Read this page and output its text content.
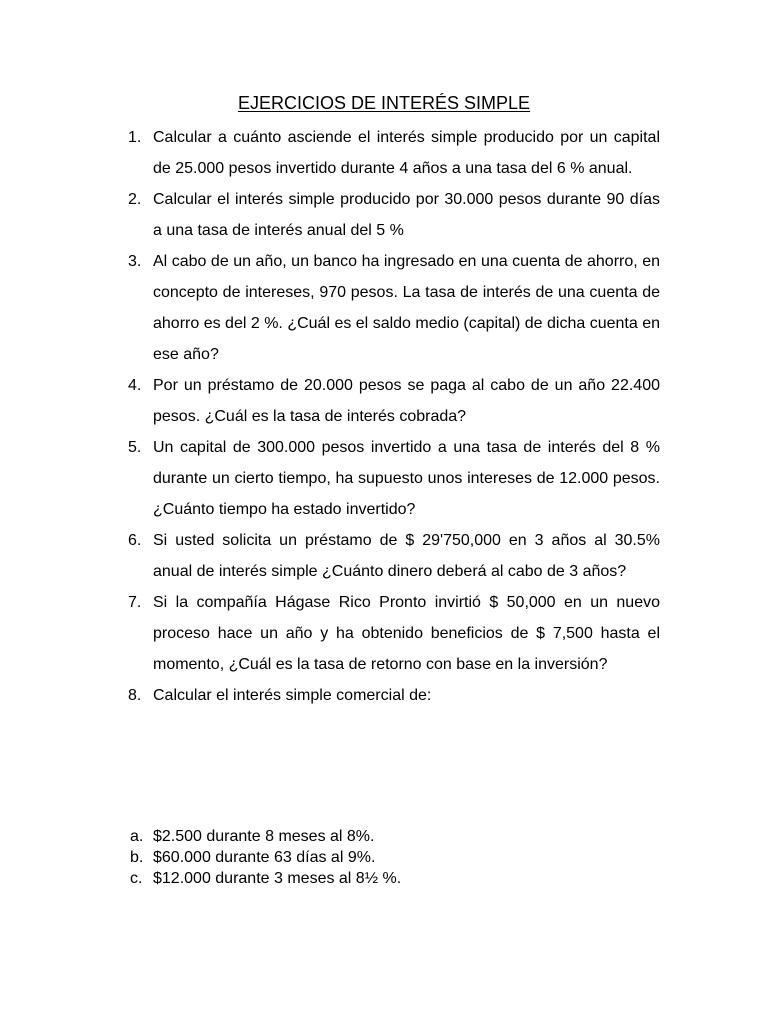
EJERCICIOS DE INTERÉS SIMPLE
1. Calcular a cuánto asciende el interés simple producido por un capital de 25.000 pesos invertido durante 4 años a una tasa del 6 % anual.
2. Calcular el interés simple producido por 30.000 pesos durante 90 días a una tasa de interés anual del 5 %
3. Al cabo de un año, un banco ha ingresado en una cuenta de ahorro, en concepto de intereses, 970 pesos. La tasa de interés de una cuenta de ahorro es del 2 %. ¿Cuál es el saldo medio (capital) de dicha cuenta en ese año?
4. Por un préstamo de 20.000 pesos se paga al cabo de un año 22.400 pesos. ¿Cuál es la tasa de interés cobrada?
5. Un capital de 300.000 pesos invertido a una tasa de interés del 8 % durante un cierto tiempo, ha supuesto unos intereses de 12.000 pesos. ¿Cuánto tiempo ha estado invertido?
6. Si usted solicita un préstamo de $ 29'750,000 en 3 años al 30.5% anual de interés simple ¿Cuánto dinero deberá al cabo de 3 años?
7. Si la compañía Hágase Rico Pronto invirtió $ 50,000 en un nuevo proceso hace un año y ha obtenido beneficios de $ 7,500 hasta el momento, ¿Cuál es la tasa de retorno con base en la inversión?
8. Calcular el interés simple comercial de:
a. $2.500 durante 8 meses al 8%.
b. $60.000 durante 63 días al 9%.
c. $12.000 durante 3 meses al 8½ %.
